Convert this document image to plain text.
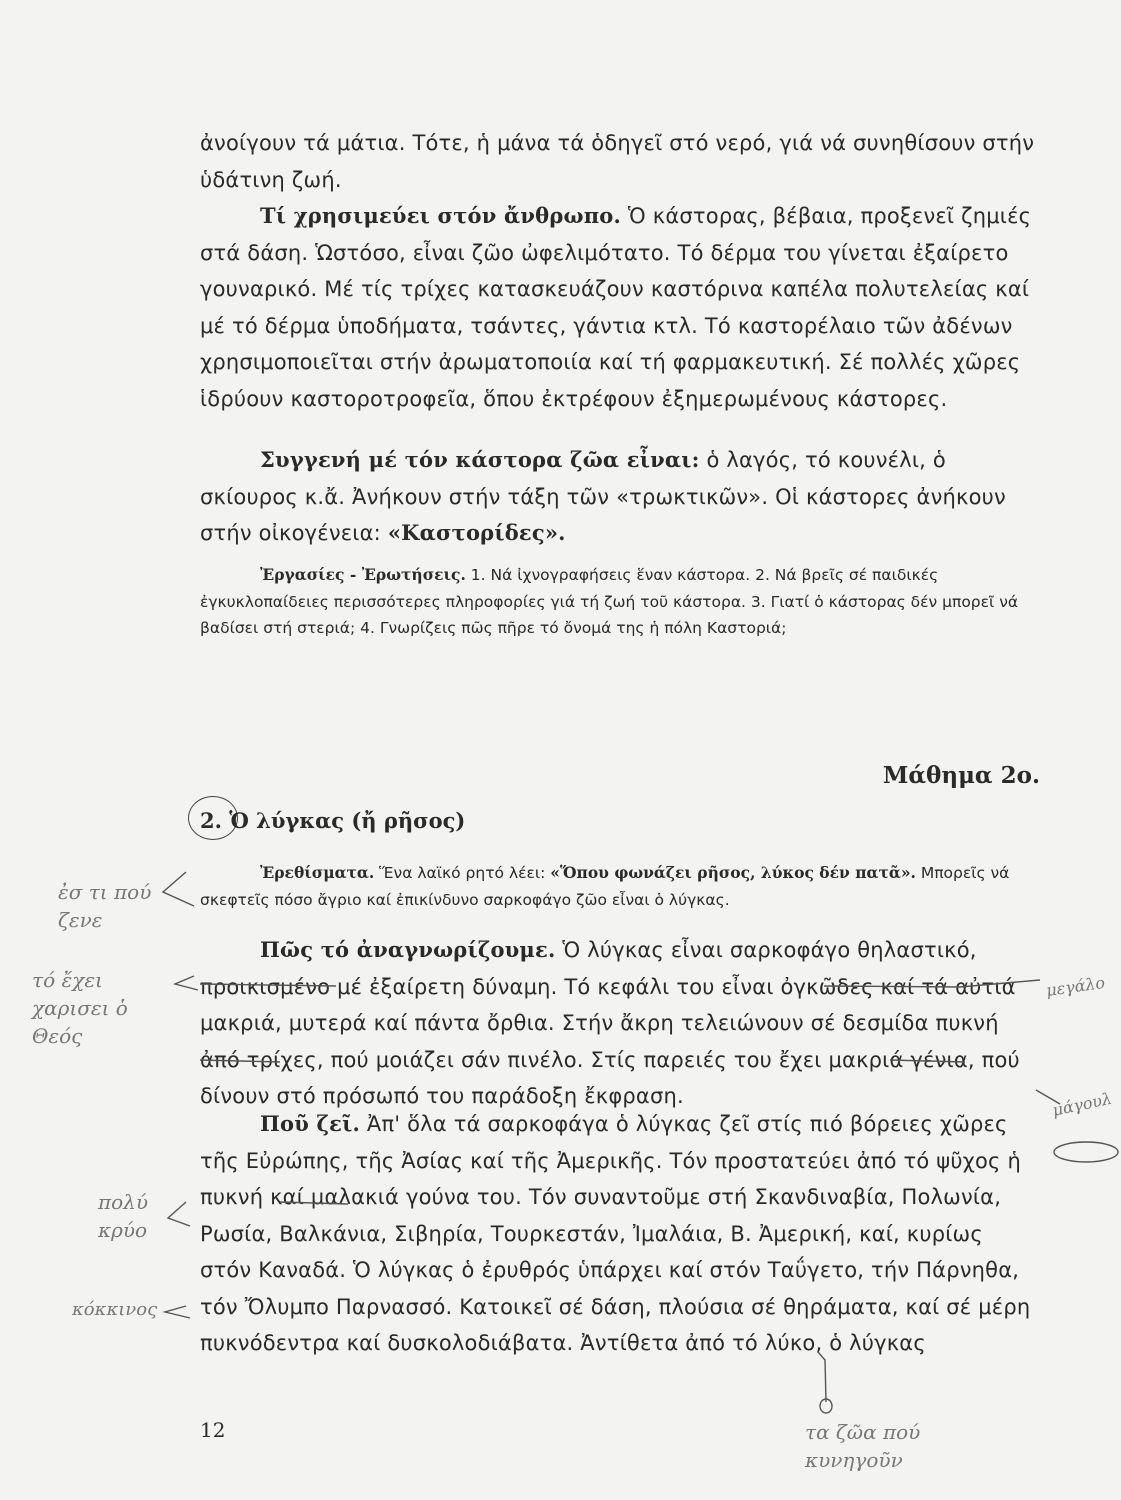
ἀνοίγουν τά μάτια. Τότε, ἡ μάνα τά ὁδηγεῖ στό νερό, γιά νά συνηθίσουν στήν ὑδάτινη ζωή.

Τί χρησιμεύει στόν ἄνθρωπο. Ὁ κάστορας, βέβαια, προξενεῖ ζημιές στά δάση. Ὡστόσο, εἶναι ζῶο ὠφελιμότατο. Τό δέρμα του γίνεται ἐξαίρετο γουναρικό. Μέ τίς τρίχες κατασκευάζουν καστόρινα καπέλα πολυτελείας καί μέ τό δέρμα ὑποδήματα, τσάντες, γάντια κτλ. Τό καστορέλαιο τῶν ἀδένων χρησιμοποιεῖται στήν ἀρωματοποιία καί τή φαρμακευτική. Σέ πολλές χῶρες ἱδρύουν καστοροτροφεῖα, ὅπου ἐκτρέφουν ἐξημερωμένους κάστορες.

Συγγενή μέ τόν κάστορα ζῶα εἶναι: ὁ λαγός, τό κουνέλι, ὁ σκίουρος κ.ἄ. Ἀνήκουν στήν τάξη τῶν «τρωκτικῶν». Οἱ κάστορες ἀνήκουν στήν οἰκογένεια: «Καστορίδες».

Ἐργασίες - Ἐρωτήσεις. 1. Νά ἰχνογραφήσεις ἕναν κάστορα. 2. Νά βρεῖς σέ παιδικές ἐγκυκλοπαίδειες περισσότερες πληροφορίες γιά τή ζωή τοῦ κάστορα. 3. Γιατί ὁ κάστορας δέν μπορεῖ νά βαδίσει στή στεριά; 4. Γνωρίζεις πῶς πῆρε τό ὄνομά της ἡ πόλη Καστοριά;

Μάθημα 2ο.

2. Ὁ λύγκας (ἤ ρῆσος)

Ἐρεθίσματα. Ἕνα λαϊκό ρητό λέει: «Ὅπου φωνάζει ρῆσος, λύκος δέν πατᾶ». Μπορεῖς νά σκεφτεῖς πόσο ἄγριο καί ἐπικίνδυνο σαρκοφάγο ζῶο εἶναι ὁ λύγκας.

Πῶς τό ἀναγνωρίζουμε. Ὁ λύγκας εἶναι σαρκοφάγο θηλαστικό, προικισμένο μέ ἐξαίρετη δύναμη. Τό κεφάλι του εἶναι ὀγκῶδες καί τά αὐτιά μακριά, μυτερά καί πάντα ὄρθια. Στήν ἄκρη τελειώνουν σέ δεσμίδα πυκνή ἀπό τρίχες, πού μοιάζει σάν πινέλο. Στίς παρειές του ἔχει μακριά γένια, πού δίνουν στό πρόσωπό του παράδοξη ἔκφραση.

Ποῦ ζεῖ. Ἀπ' ὅλα τά σαρκοφάγα ὁ λύγκας ζεῖ στίς πιό βόρειες χῶρες τῆς Εὐρώπης, τῆς Ἀσίας καί τῆς Ἀμερικῆς. Τόν προστατεύει ἀπό τό ψῦχος ἡ πυκνή καί μαλακιά γούνα του. Τόν συναντοῦμε στή Σκανδιναβία, Πολωνία, Ρωσία, Βαλκάνια, Σιβηρία, Τουρκεστάν, Ἰμαλάια, Β. Ἀμερική, καί, κυρίως στόν Καναδά. Ὁ λύγκας ὁ ἐρυθρός ὑπάρχει καί στόν Ταΰγετο, τήν Πάρνηθα, τόν Ὄλυμπο Παρνασσό. Κατοικεῖ σέ δάση, πλούσια σέ θηράματα, καί σέ μέρη πυκνόδεντρα καί δυσκολοδιάβατα. Ἀντίθετα ἀπό τό λύκο, ὁ λύγκας

12

ἐσ τι πού ζενε

τό ἔχει χαρισει ὁ Θεός

μεγάλο

μάγουλ

πολύ κρύο

κόκκινος

τα ζῶα πού κυνηγοῦν
